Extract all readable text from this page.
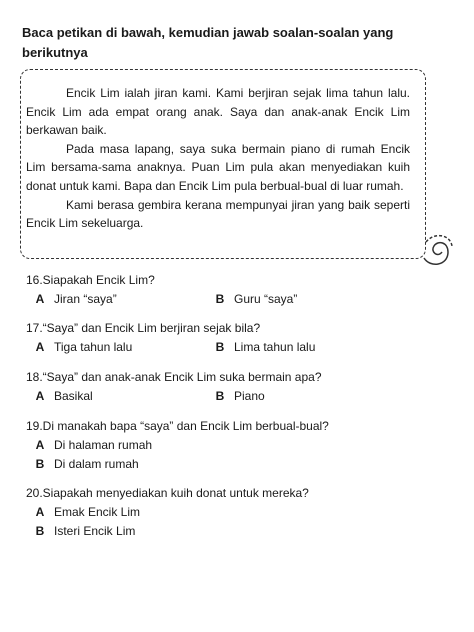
Baca petikan di bawah, kemudian jawab soalan-soalan yang berikutnya

Encik Lim ialah jiran kami. Kami berjiran sejak lima tahun lalu. Encik Lim ada empat orang anak. Saya dan anak-anak Encik Lim berkawan baik.

Pada masa lapang, saya suka bermain piano di rumah Encik Lim bersama-sama anaknya. Puan Lim pula akan menyediakan kuih donat untuk kami. Bapa dan Encik Lim pula berbual-bual di luar rumah.

Kami berasa gembira kerana mempunyai jiran yang baik seperti Encik Lim sekeluarga.

16.Siapakah Encik Lim?
A Jiran “saya”	B Guru “saya”
17.“Saya” dan Encik Lim berjiran sejak bila?
A Tiga tahun lalu	B Lima tahun lalu
18.“Saya” dan anak-anak Encik Lim suka bermain apa?
A Basikal	B Piano
19.Di manakah bapa “saya” dan Encik Lim berbual-bual?
A Di halaman rumah
B Di dalam rumah
20.Siapakah menyediakan kuih donat untuk mereka?
A Emak Encik Lim
B Isteri Encik Lim
